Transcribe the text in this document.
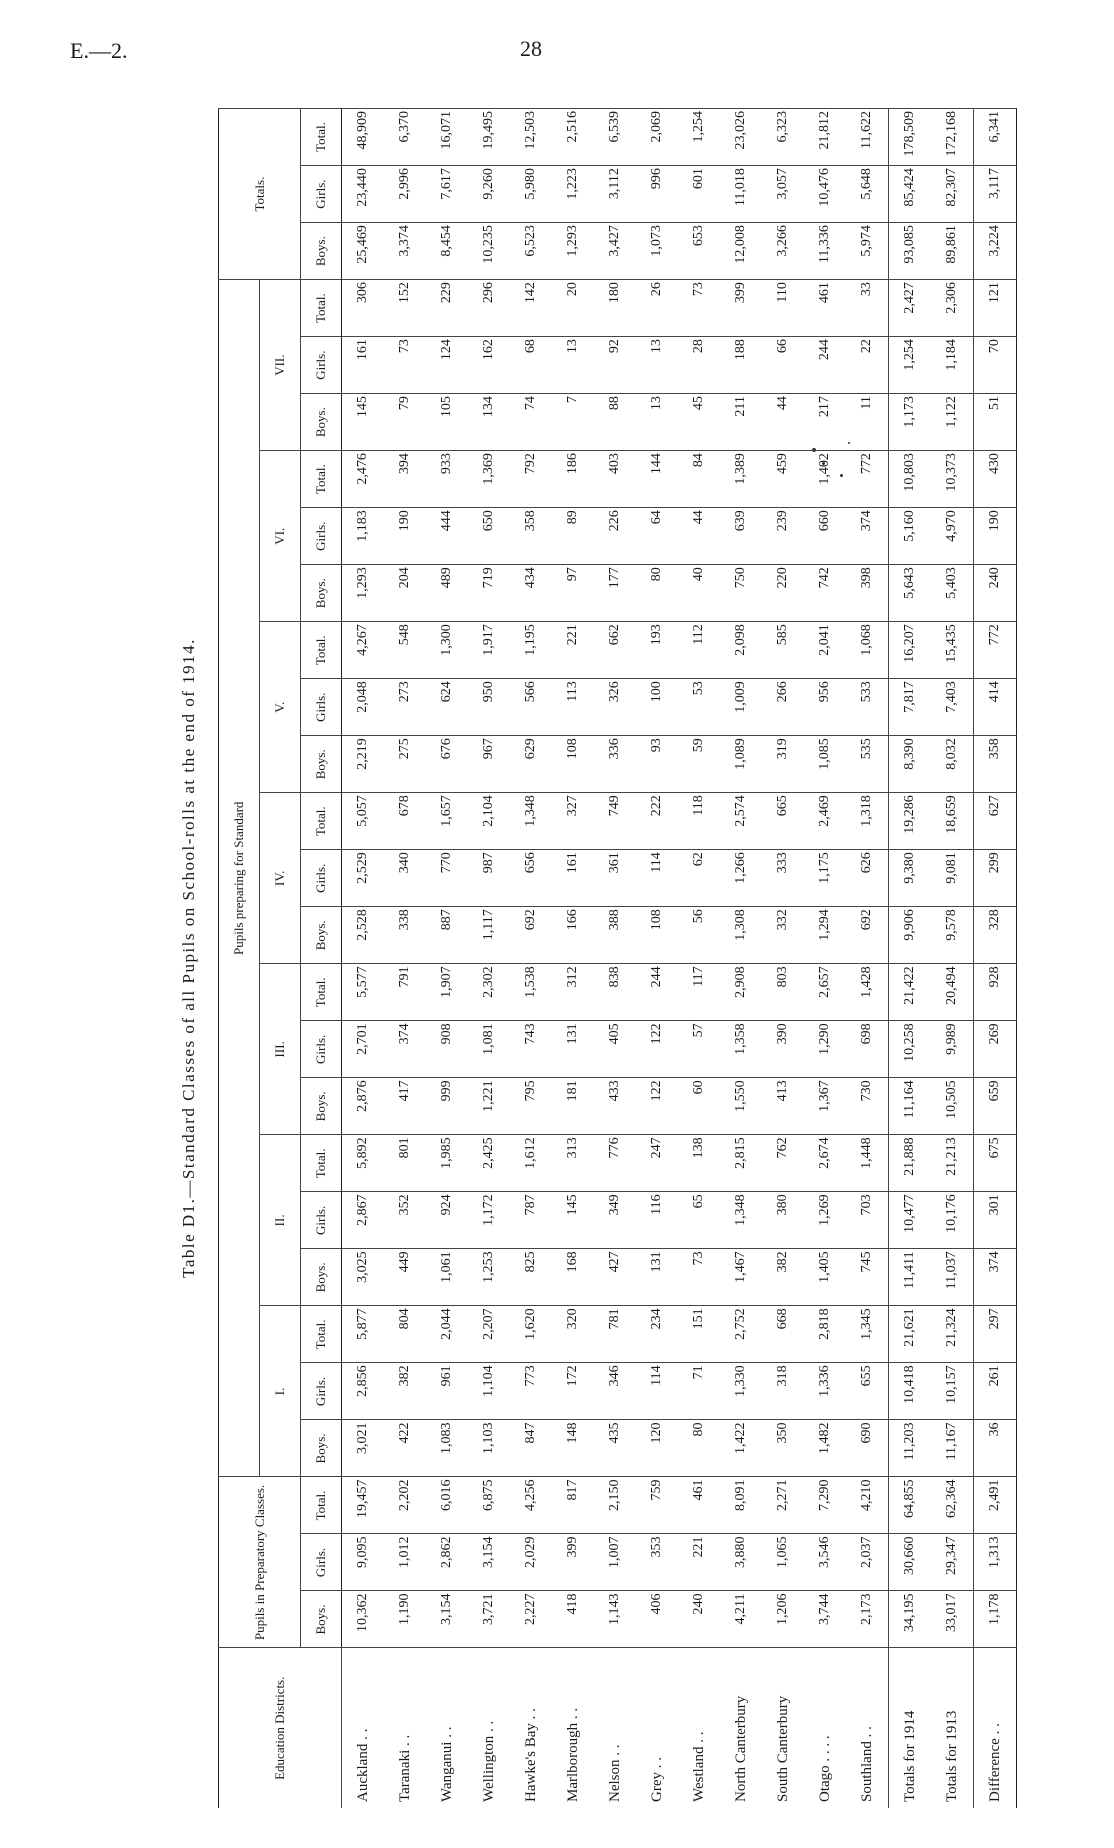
E.—2.	28
Table D1.—Standard Classes of all Pupils on School-rolls at the end of 1914.
Education Districts.	Pupils in Preparatory Classes.			Pupils preparing for Standard																					Totals.		
				I.			II.			III.			IV.			V.			VI.			VII.					
	Boys.	Girls.	Total.	Boys.	Girls.	Total.	Boys.	Girls.	Total.	Boys.	Girls.	Total.	Boys.	Girls.	Total.	Boys.	Girls.	Total.	Boys.	Girls.	Total.	Boys.	Girls.	Total.	Boys.	Girls.	Total.
Auckland . .	10,362	9,095	19,457	3,021	2,856	5,877	3,025	2,867	5,892	2,876	2,701	5,577	2,528	2,529	5,057	2,219	2,048	4,267	1,293	1,183	2,476	145	161	306	25,469	23,440	48,909
Taranaki . .	1,190	1,012	2,202	422	382	804	449	352	801	417	374	791	338	340	678	275	273	548	204	190	394	79	73	152	3,374	2,996	6,370
Wanganui . .	3,154	2,862	6,016	1,083	961	2,044	1,061	924	1,985	999	908	1,907	887	770	1,657	676	624	1,300	489	444	933	105	124	229	8,454	7,617	16,071
Wellington . .	3,721	3,154	6,875	1,103	1,104	2,207	1,253	1,172	2,425	1,221	1,081	2,302	1,117	987	2,104	967	950	1,917	719	650	1,369	134	162	296	10,235	9,260	19,495
Hawke's Bay . .	2,227	2,029	4,256	847	773	1,620	825	787	1,612	795	743	1,538	692	656	1,348	629	566	1,195	434	358	792	74	68	142	6,523	5,980	12,503
Marlborough . .	418	399	817	148	172	320	168	145	313	181	131	312	166	161	327	108	113	221	97	89	186	7	13	20	1,293	1,223	2,516
Nelson . .	1,143	1,007	2,150	435	346	781	427	349	776	433	405	838	388	361	749	336	326	662	177	226	403	88	92	180	3,427	3,112	6,539
Grey . .	406	353	759	120	114	234	131	116	247	122	122	244	108	114	222	93	100	193	80	64	144	13	13	26	1,073	996	2,069
Westland . .	240	221	461	80	71	151	73	65	138	60	57	117	56	62	118	59	53	112	40	44	84	45	28	73	653	601	1,254
North Canterbury	4,211	3,880	8,091	1,422	1,330	2,752	1,467	1,348	2,815	1,550	1,358	2,908	1,308	1,266	2,574	1,089	1,009	2,098	750	639	1,389	211	188	399	12,008	11,018	23,026
South Canterbury	1,206	1,065	2,271	350	318	668	382	380	762	413	390	803	332	333	665	319	266	585	220	239	459	44	66	110	3,266	3,057	6,323
Otago . . . .	3,744	3,546	7,290	1,482	1,336	2,818	1,405	1,269	2,674	1,367	1,290	2,657	1,294	1,175	2,469	1,085	956	2,041	742	660	1,402	217	244	461	11,336	10,476	21,812
Southland . .	2,173	2,037	4,210	690	655	1,345	745	703	1,448	730	698	1,428	692	626	1,318	535	533	1,068	398	374	772	11	22	33	5,974	5,648	11,622
Totals for 1914	34,195	30,660	64,855	11,203	10,418	21,621	11,411	10,477	21,888	11,164	10,258	21,422	9,906	9,380	19,286	8,390	7,817	16,207	5,643	5,160	10,803	1,173	1,254	2,427	93,085	85,424	178,509
Totals for 1913	33,017	29,347	62,364	11,167	10,157	21,324	11,037	10,176	21,213	10,505	9,989	20,494	9,578	9,081	18,659	8,032	7,403	15,435	5,403	4,970	10,373	1,122	1,184	2,306	89,861	82,307	172,168
Difference . .	1,178	1,313	2,491	36	261	297	374	301	675	659	269	928	328	299	627	358	414	772	240	190	430	51	70	121	3,224	3,117	6,341
